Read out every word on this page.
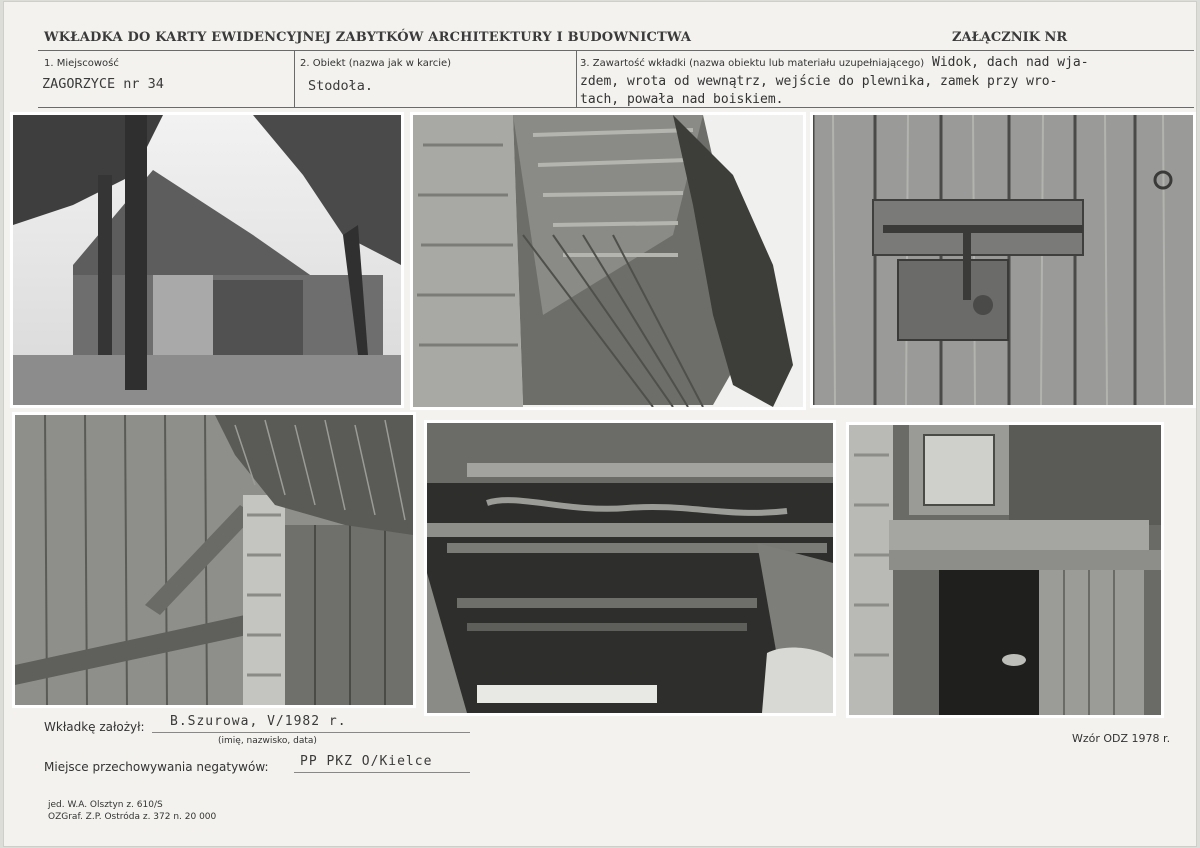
WKŁADKA DO KARTY EWIDENCYJNEJ ZABYTKÓW ARCHITEKTURY I BUDOWNICTWA	ZAŁĄCZNIK NR
1. Miejscowość
ZAGORZYCE nr 34
2. Obiekt (nazwa jak w karcie)
Stodoła.
3. Zawartość wkładki (nazwa obiektu lub materiału uzupełniającego) Widok, dach nad wja-
zdem, wrota od wewnątrz, wejście do plewnika, zamek przy wro-
tach, powała nad boiskiem.
Wkładkę założył: B.Szurowa, V/1982 r.
(imię, nazwisko, data)	Wzór ODZ 1978 r.
Miejsce przechowywania negatywów: PP PKZ O/Kielce
jed. W.A. Olsztyn z. 610/S
OZGraf. Z.P. Ostróda z. 372 n. 20 000
